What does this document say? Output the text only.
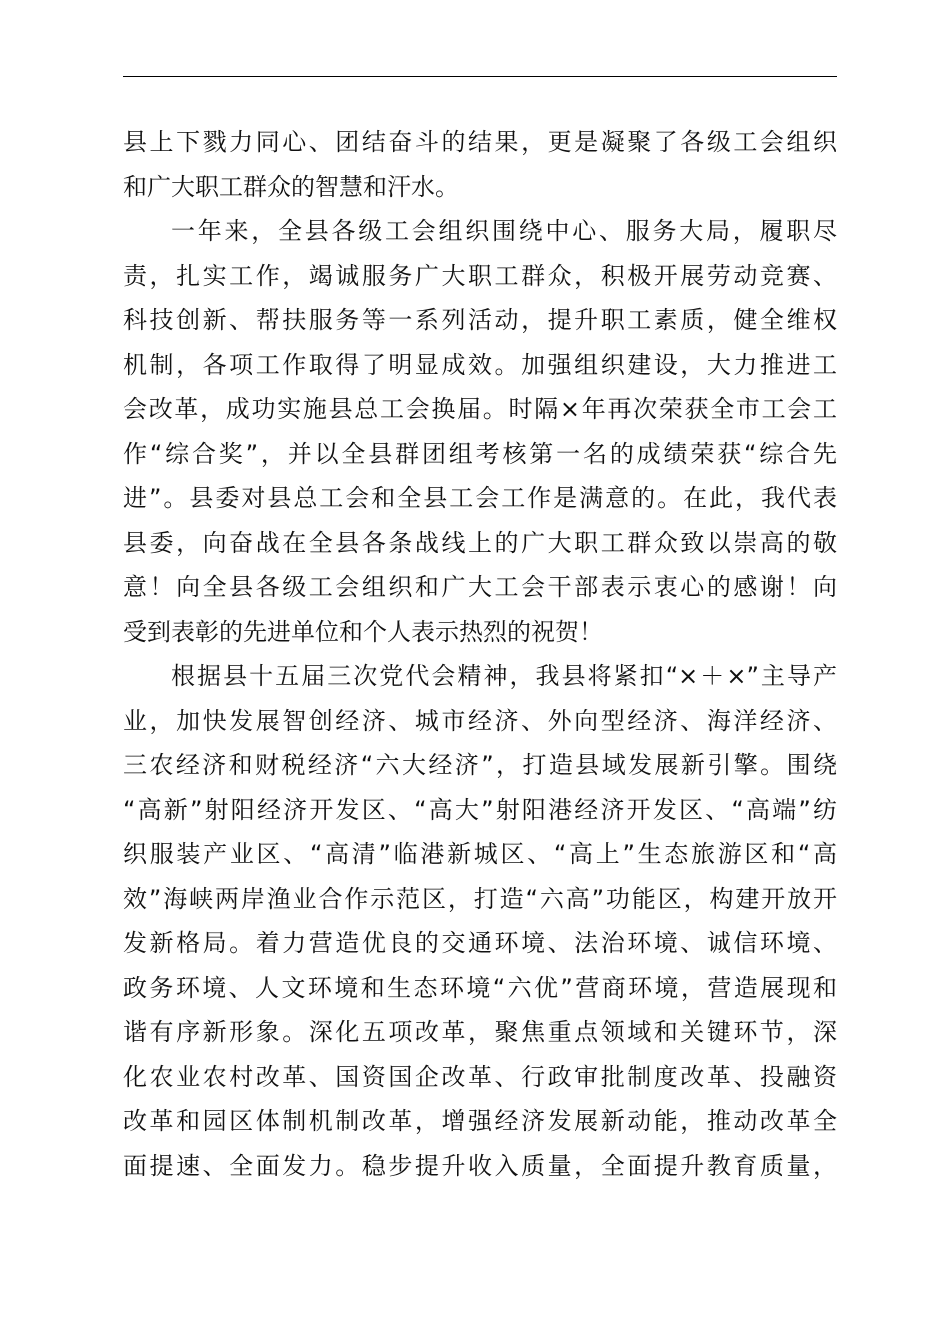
县上下戮力同心、团结奋斗的结果，更是凝聚了各级工会组织
和广大职工群众的智慧和汗水。
一年来，全县各级工会组织围绕中心、服务大局，履职尽
责，扎实工作，竭诚服务广大职工群众，积极开展劳动竞赛、
科技创新、帮扶服务等一系列活动，提升职工素质，健全维权
机制，各项工作取得了明显成效。加强组织建设，大力推进工
会改革，成功实施县总工会换届。时隔×年再次荣获全市工会工
作“综合奖”，并以全县群团组考核第一名的成绩荣获“综合先
进”。县委对县总工会和全县工会工作是满意的。在此，我代表
县委，向奋战在全县各条战线上的广大职工群众致以崇高的敬
意！向全县各级工会组织和广大工会干部表示衷心的感谢！向
受到表彰的先进单位和个人表示热烈的祝贺！
根据县十五届三次党代会精神，我县将紧扣“×＋×”主导产
业，加快发展智创经济、城市经济、外向型经济、海洋经济、
三农经济和财税经济“六大经济”，打造县域发展新引擎。围绕
“高新”射阳经济开发区、“高大”射阳港经济开发区、“高端”纺
织服装产业区、“高清”临港新城区、“高上”生态旅游区和“高
效”海峡两岸渔业合作示范区，打造“六高”功能区，构建开放开
发新格局。着力营造优良的交通环境、法治环境、诚信环境、
政务环境、人文环境和生态环境“六优”营商环境，营造展现和
谐有序新形象。深化五项改革，聚焦重点领域和关键环节，深
化农业农村改革、国资国企改革、行政审批制度改革、投融资
改革和园区体制机制改革，增强经济发展新动能，推动改革全
面提速、全面发力。稳步提升收入质量，全面提升教育质量，
